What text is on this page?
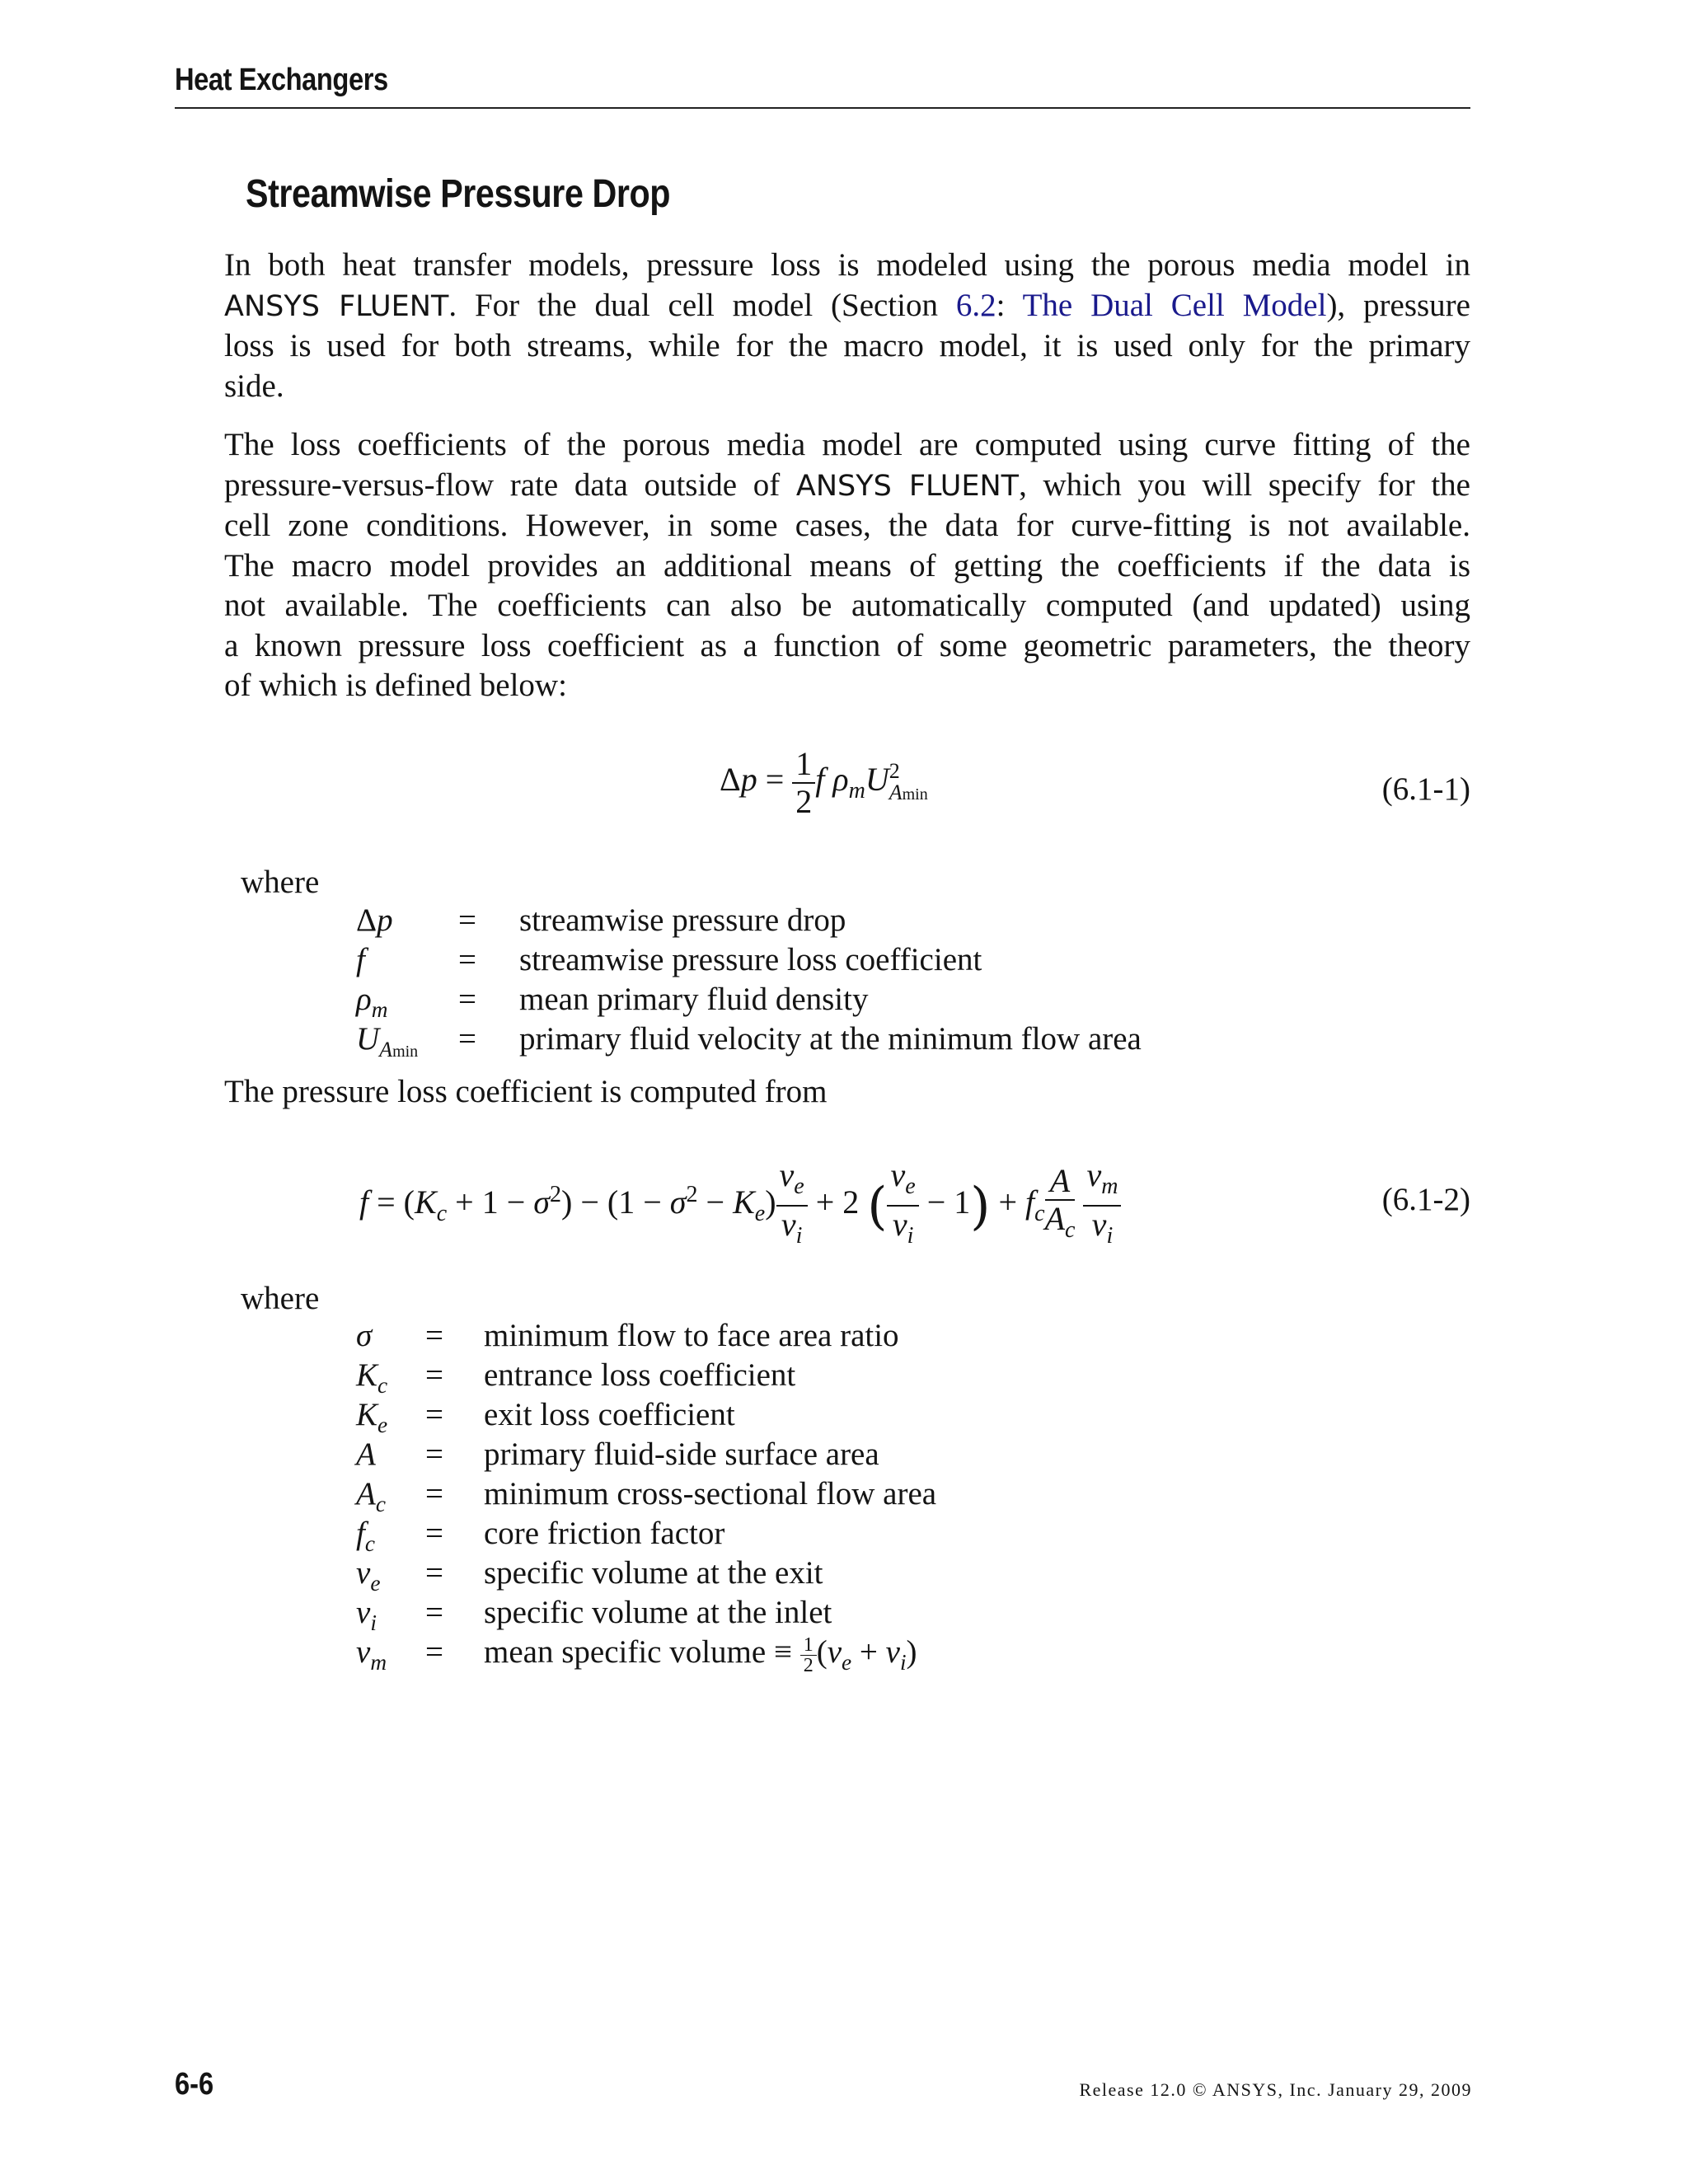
Heat Exchangers
Streamwise Pressure Drop
In both heat transfer models, pressure loss is modeled using the porous media model in
ANSYS FLUENT. For the dual cell model (Section 6.2: The Dual Cell Model), pressure
loss is used for both streams, while for the macro model, it is used only for the primary
side.
The loss coefficients of the porous media model are computed using curve fitting of the
pressure-versus-flow rate data outside of ANSYS FLUENT, which you will specify for the
cell zone conditions. However, in some cases, the data for curve-fitting is not available.
The macro model provides an additional means of getting the coefficients if the data is
not available. The coefficients can also be automatically computed (and updated) using
a known pressure loss coefficient as a function of some geometric parameters, the theory
of which is defined below:
$\Delta p = \frac{1}{2}$ f $\rho_mU$ 2
Amin	(6.1-1)
where
Δp = streamwise pressure drop
f	= streamwise pressure loss coefficient
$\rho_m$ = mean primary fluid density
$U_{Amin}$ = primary fluid velocity at the minimum flow area
The pressure loss coefficient is computed from
$f = (K_c + 1 - \sigma^2) - (1 - \sigma^2 - K_e) \frac{\nu_e}{\nu_i} + 2$ ( $\frac{\nu_e}{\nu_i} - 1) + f_c \frac{A}{A_c}$
$\frac{\nu_m}{\nu_i}$	(6.1-2)
where
σ = minimum flow to face area ratio
$K_c$ = entrance loss coefficient
$K_e$ = exit loss coefficient
A = primary fluid-side surface area
$A_c$ = minimum cross-sectional flow area
$f_c$ = core friction factor
$\nu_e$ = specific volume at the exit
$\nu_i$ = specific volume at the inlet
$\nu_m$ = mean specific volume ≡ $\frac{1}{2} (\nu_e + \nu_i)$
6-6	Release 12.0 © ANSYS, Inc. January 29, 2009
